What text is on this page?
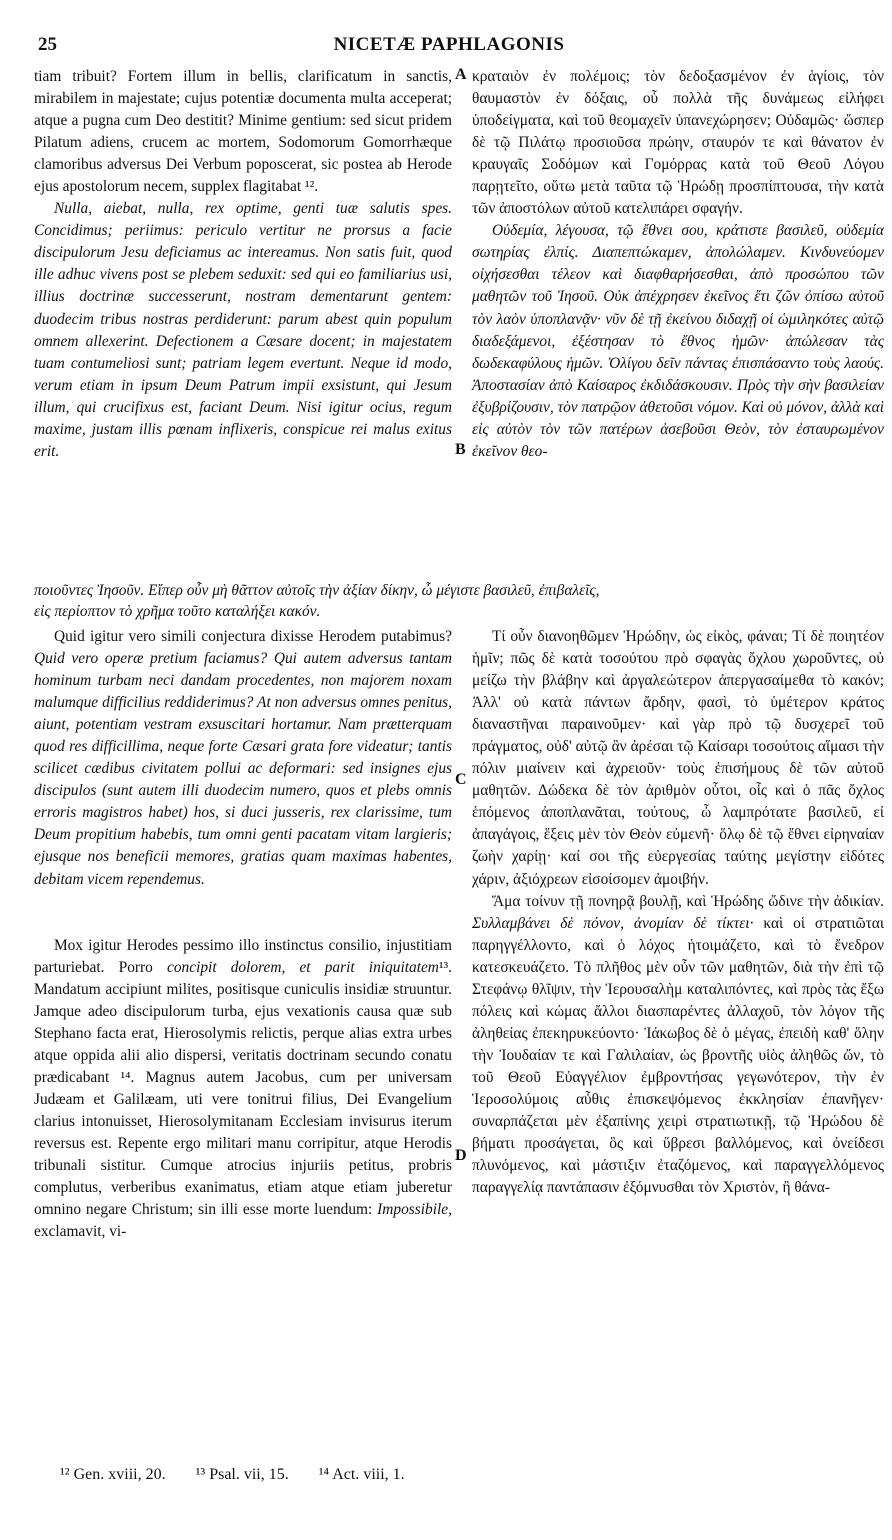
25	NICETÆ PAPHLAGONIS
A
B
C
D

tiam tribuit? Fortem illum in bellis, clarificatum in sanctis, mirabilem in majestate; cujus potentiæ documenta multa acceperat; atque a pugna cum Deo destitit? Minime gentium: sed sicut pridem Pilatum adiens, crucem ac mortem, Sodomorum Gomorrhæque clamoribus adversus Dei Verbum poposcerat, sic postea ab Herode ejus apostolorum necem, supplex flagitabat ¹².

Nulla, aiebat, nulla, rex optime, genti tuæ salutis spes. Concidimus; periimus: periculo vertitur ne prorsus a facie discipulorum Jesu deficiamus ac intereamus. Non satis fuit, quod ille adhuc vivens post se plebem seduxit: sed qui eo familiarius usi, illius doctrinæ successerunt, nostram dementarunt gentem: duodecim tribus nostras perdiderunt: parum abest quin populum omnem allexerint. Defectionem a Cæsare docent; in majestatem tuam contumeliosi sunt; patriam legem evertunt. Neque id modo, verum etiam in ipsum Deum Patrum impii exsistunt, qui Jesum illum, qui crucifixus est, faciant Deum. Nisi igitur ocius, regum maxime, justam illis pœnam inflixeris, conspicue rei malus exitus erit.

κραταιὸν ἐν πολέμοις; τὸν δεδοξασμένον ἐν ἁγίοις, τὸν θαυμαστὸν ἐν δόξαις, οὗ πολλὰ τῆς δυνάμεως εἰλήφει ὑποδείγματα, καὶ τοῦ θεομαχεῖν ὑπανεχώρησεν; Οὐδαμῶς· ὥσπερ δὲ τῷ Πιλάτῳ προσιοῦσα πρώην, σταυρόν τε καὶ θάνατον ἐν κραυγαῖς Σοδόμων καὶ Γομόρρας κατὰ τοῦ Θεοῦ Λόγου παρῃτεῖτο, οὕτω μετὰ ταῦτα τῷ Ἡρώδῃ προσπίπτουσα, τὴν κατὰ τῶν ἀποστόλων αὐτοῦ κατελιπάρει σφαγήν.

Οὐδεμία, λέγουσα, τῷ ἔθνει σου, κράτιστε βασιλεῦ, οὐδεμία σωτηρίας ἐλπίς. Διαπεπτώκαμεν, ἀπολώλαμεν. Κινδυνεύομεν οἰχήσεσθαι τέλεον καὶ διαφθαρήσεσθαι, ἀπὸ προσώπου τῶν μαθητῶν τοῦ Ἰησοῦ. Οὐκ ἀπέχρησεν ἐκεῖνος ἔτι ζῶν ὀπίσω αὐτοῦ τὸν λαὸν ὑποπλανᾷν· νῦν δὲ τῇ ἐκείνου διδαχῇ οἱ ὡμιληκότες αὐτῷ διαδεξάμενοι, ἐξέστησαν τὸ ἔθνος ἡμῶν· ἀπώλεσαν τὰς δωδεκαφύλους ἡμῶν. Ὀλίγου δεῖν πάντας ἐπισπάσαντο τοὺς λαούς. Ἀποστασίαν ἀπὸ Καίσαρος ἐκδιδάσκουσιν. Πρὸς τὴν σὴν βασιλείαν ἐξυβρίζουσιν, τὸν πατρῷον ἀθετοῦσι νόμον. Καὶ οὐ μόνον, ἀλλὰ καὶ εἰς αὐτὸν τὸν τῶν πατέρων ἀσεβοῦσι Θεὸν, τὸν ἐσταυρωμένον ἐκεῖνον θεο-

ποιοῦντες Ἰησοῦν. Εἴπερ οὖν μὴ θᾶττον αὐτοῖς τὴν ἀξίαν δίκην, ὦ μέγιστε βασιλεῦ, ἐπιβαλεῖς,
εἰς περίοπτον τὸ χρῆμα τοῦτο καταλήξει κακόν.

Quid igitur vero simili conjectura dixisse Herodem putabimus? Quid vero operæ pretium faciamus? Qui autem adversus tantam hominum turbam neci dandam procedentes, non majorem noxam malumque difficilius reddiderimus? At non adversus omnes penitus, aiunt, potentiam vestram exsuscitari hortamur. Nam prætterquam quod res difficillima, neque forte Cæsari grata fore videatur; tantis scilicet cædibus civitatem pollui ac deformari: sed insignes ejus discipulos (sunt autem illi duodecim numero, quos et plebs omnis erroris magistros habet) hos, si duci jusseris, rex clarissime, tum Deum propitium habebis, tum omni genti pacatam vitam largieris; ejusque nos beneficii memores, gratias quam maximas habentes, debitam vicem rependemus.

Mox igitur Herodes pessimo illo instinctus consilio, injustitiam parturiebat. Porro concipit dolorem, et parit iniquitatem¹³. Mandatum accipiunt milites, positisque cuniculis insidiæ struuntur. Jamque adeo discipulorum turba, ejus vexationis causa quæ sub Stephano facta erat, Hierosolymis relictis, perque alias extra urbes atque oppida alii alio dispersi, veritatis doctrinam secundo conatu prædicabant ¹⁴. Magnus autem Jacobus, cum per universam Judæam et Galilæam, uti vere tonitrui filius, Dei Evangelium clarius intonuisset, Hierosolymitanam Ecclesiam invisurus iterum reversus est. Repente ergo militari manu corripitur, atque Herodis tribunali sistitur. Cumque atrocius injuriis petitus, probris complutus, verberibus exanimatus, etiam atque etiam juberetur omnino negare Christum; sin illi esse morte luendum: Impossibile, exclamavit, vi-

Τί οὖν διανοηθῶμεν Ἡρώδην, ὡς εἰκὸς, φάναι; Τί δὲ ποιητέον ἡμῖν; πῶς δὲ κατὰ τοσούτου πρὸ σφαγὰς ὄχλου χωροῦντες, οὐ μείζω τὴν βλάβην καὶ ἀργαλεώτερον ἀπεργασαίμεθα τὸ κακόν; Ἀλλ' οὐ κατὰ πάντων ἄρδην, φασὶ, τὸ ὑμέτερον κράτος διαναστῆναι παραινοῦμεν· καὶ γὰρ πρὸ τῷ δυσχερεῖ τοῦ πράγματος, οὐδ' αὐτῷ ἂν ἀρέσαι τῷ Καίσαρι τοσούτοις αἵμασι τὴν πόλιν μιαίνειν καὶ ἀχρειοῦν· τοὺς ἐπισήμους δὲ τῶν αὐτοῦ μαθητῶν. Δώδεκα δὲ τὸν ἀριθμὸν οὗτοι, οἷς καὶ ὁ πᾶς ὄχλος ἑπόμενος ἀποπλανᾶται, τούτους, ὦ λαμπρότατε βασιλεῦ, εἰ ἀπαγάγοις, ἕξεις μὲν τὸν Θεὸν εὐμενῆ· ὅλῳ δὲ τῷ ἔθνει εἰρηναίαν ζωὴν χαρίῃ· καί σοι τῆς εὐεργεσίας ταύτης μεγίστην εἰδότες χάριν, ἀξιόχρεων εἰσοίσομεν ἀμοιβήν.

Ἅμα τοίνυν τῇ πονηρᾷ βουλῇ, καὶ Ἡρώδης ὤδινε τὴν ἀδικίαν. Συλλαμβάνει δὲ πόνον, ἀνομίαν δὲ τίκτει· καὶ οἱ στρατιῶται παρηγγέλλοντο, καὶ ὁ λόχος ἡτοιμάζετο, καὶ τὸ ἔνεδρον κατεσκευάζετο. Τὸ πλῆθος μὲν οὖν τῶν μαθητῶν, διὰ τὴν ἐπὶ τῷ Στεφάνῳ θλῖψιν, τὴν Ἱερουσαλὴμ καταλιπόντες, καὶ πρὸς τὰς ἔξω πόλεις καὶ κώμας ἄλλοι διασπαρέντες ἀλλαχοῦ, τὸν λόγον τῆς ἀληθείας ἐπεκηρυκεύοντο· Ἰάκωβος δὲ ὁ μέγας, ἐπειδὴ καθ' ὅλην τὴν Ἰουδαίαν τε καὶ Γαλιλαίαν, ὡς βροντῆς υἱὸς ἀληθῶς ὤν, τὸ τοῦ Θεοῦ Εὐαγγέλιον ἐμβροντήσας γεγωνότερον, τὴν ἐν Ἱεροσολύμοις αὖθις ἐπισκεψόμενος ἐκκλησίαν ἐπανῆγεν· συναρπάζεται μὲν ἐξαπίνης χειρὶ στρατιωτικῇ, τῷ Ἡρώδου δὲ βήματι προσάγεται, ὃς καὶ ὕβρεσι βαλλόμενος, καὶ ὀνείδεσι πλυνόμενος, καὶ μάστιξιν ἐταζόμενος, καὶ παραγγελλόμενος παραγγελίᾳ παντάπασιν ἐξόμνυσθαι τὸν Χριστὸν, ἢ θάνα-

¹² Gen. xviii, 20. ¹³ Psal. vii, 15. ¹⁴ Act. viii, 1.
